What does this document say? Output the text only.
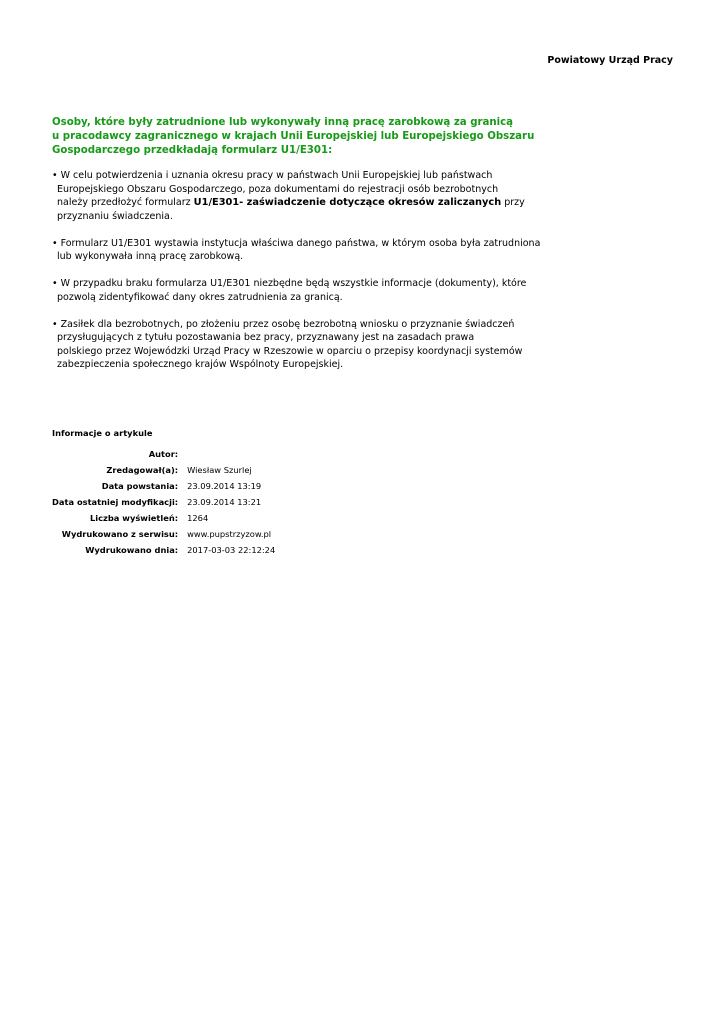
Powiatowy Urząd Pracy
Osoby, które były zatrudnione lub wykonywały inną pracę zarobkową za granicą
u pracodawcy zagranicznego w krajach Unii Europejskiej lub Europejskiego Obszaru
Gospodarczego przedkładają formularz U1/E301:
• W celu potwierdzenia i uznania okresu pracy w państwach Unii Europejskiej lub państwach
Europejskiego Obszaru Gospodarczego, poza dokumentami do rejestracji osób bezrobotnych
należy przedłożyć formularz U1/E301- zaświadczenie dotyczące okresów zaliczanych przy
przyznaniu świadczenia.
• Formularz U1/E301 wystawia instytucja właściwa danego państwa, w którym osoba była zatrudniona
lub wykonywała inną pracę zarobkową.
• W przypadku braku formularza U1/E301 niezbędne będą wszystkie informacje (dokumenty), które
pozwolą zidentyfikować dany okres zatrudnienia za granicą.
• Zasiłek dla bezrobotnych, po złożeniu przez osobę bezrobotną wniosku o przyznanie świadczeń
przysługujących z tytułu pozostawania bez pracy, przyznawany jest na zasadach prawa
polskiego przez Wojewódzki Urząd Pracy w Rzeszowie w oparciu o przepisy koordynacji systemów
zabezpieczenia społecznego krajów Wspólnoty Europejskiej.
Informacje o artykule
Autor:	
Zredagował(a):	Wiesław Szurlej
Data powstania:	23.09.2014 13:19
Data ostatniej modyfikacji:	23.09.2014 13:21
Liczba wyświetleń:	1264
Wydrukowano z serwisu:	www.pupstrzyzow.pl
Wydrukowano dnia:	2017-03-03 22:12:24
